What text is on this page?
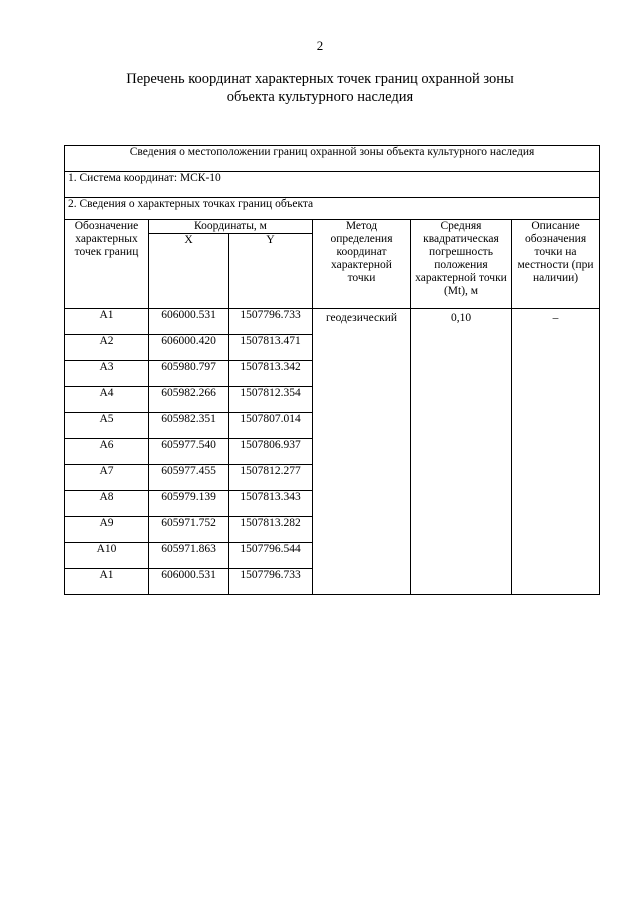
2
Перечень координат характерных точек границ охранной зоны
объекта культурного наследия
Сведения о местоположении границ охранной зоны объекта культурного наследия					
1. Система координат: МСК-10					
2. Сведения о характерных точках границ объекта					
Обозначение характерных точек границ	Координаты, м		Метод определения координат характерной точки	Средняя квадратическая погрешность положения характерной точки (Mt), м	Описание обозначения точки на местности (при наличии)
	X	Y			
А1	606000.531	1507796.733	геодезический	0,10	–
А2	606000.420	1507813.471			
А3	605980.797	1507813.342			
А4	605982.266	1507812.354			
А5	605982.351	1507807.014			
А6	605977.540	1507806.937			
А7	605977.455	1507812.277			
А8	605979.139	1507813.343			
А9	605971.752	1507813.282			
А10	605971.863	1507796.544			
А1	606000.531	1507796.733			
